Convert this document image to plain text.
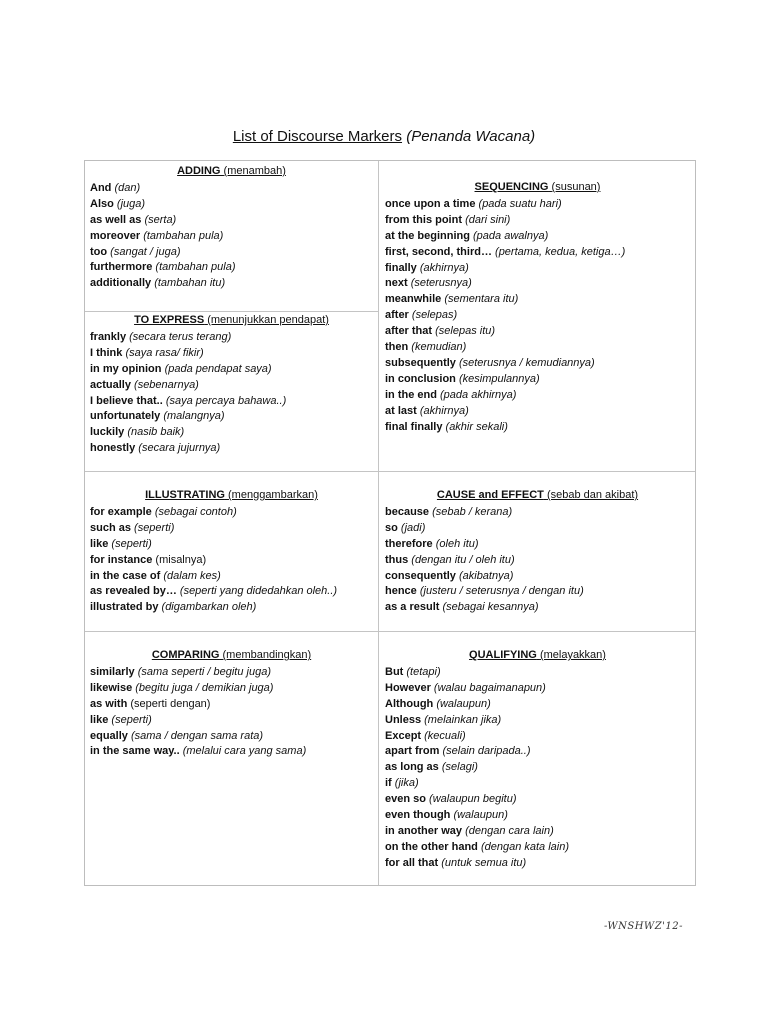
List of Discourse Markers (Penanda Wacana)
ADDING (menambah)
And (dan)
Also (juga)
as well as (serta)
moreover (tambahan pula)
too (sangat / juga)
furthermore (tambahan pula)
additionally (tambahan itu)
TO EXPRESS (menunjukkan pendapat)
frankly (secara terus terang)
I think (saya rasa/ fikir)
in my opinion (pada pendapat saya)
actually (sebenarnya)
I believe that.. (saya percaya bahawa..)
unfortunately (malangnya)
luckily (nasib baik)
honestly (secara jujurnya)
SEQUENCING (susunan)
once upon a time (pada suatu hari)
from this point (dari sini)
at the beginning (pada awalnya)
first, second, third… (pertama, kedua, ketiga…)
finally (akhirnya)
next (seterusnya)
meanwhile (sementara itu)
after (selepas)
after that (selepas itu)
then (kemudian)
subsequently (seterusnya / kemudiannya)
in conclusion (kesimpulannya)
in the end (pada akhirnya)
at last (akhirnya)
final finally (akhir sekali)
ILLUSTRATING (menggambarkan)
for example (sebagai contoh)
such as (seperti)
like (seperti)
for instance (misalnya)
in the case of (dalam kes)
as revealed by… (seperti yang didedahkan oleh..)
illustrated by (digambarkan oleh)
CAUSE and EFFECT (sebab dan akibat)
because (sebab / kerana)
so (jadi)
therefore (oleh itu)
thus (dengan itu / oleh itu)
consequently (akibatnya)
hence (justeru / seterusnya / dengan itu)
as a result (sebagai kesannya)
COMPARING (membandingkan)
similarly (sama seperti / begitu juga)
likewise (begitu juga / demikian juga)
as with (seperti dengan)
like (seperti)
equally (sama / dengan sama rata)
in the same way.. (melalui cara yang sama)
QUALIFYING (melayakkan)
But (tetapi)
However (walau bagaimanapun)
Although (walaupun)
Unless (melainkan jika)
Except (kecuali)
apart from (selain daripada..)
as long as (selagi)
if (jika)
even so (walaupun begitu)
even though (walaupun)
in another way (dengan cara lain)
on the other hand (dengan kata lain)
for all that (untuk semua itu)
-WNSHWZ'12-
